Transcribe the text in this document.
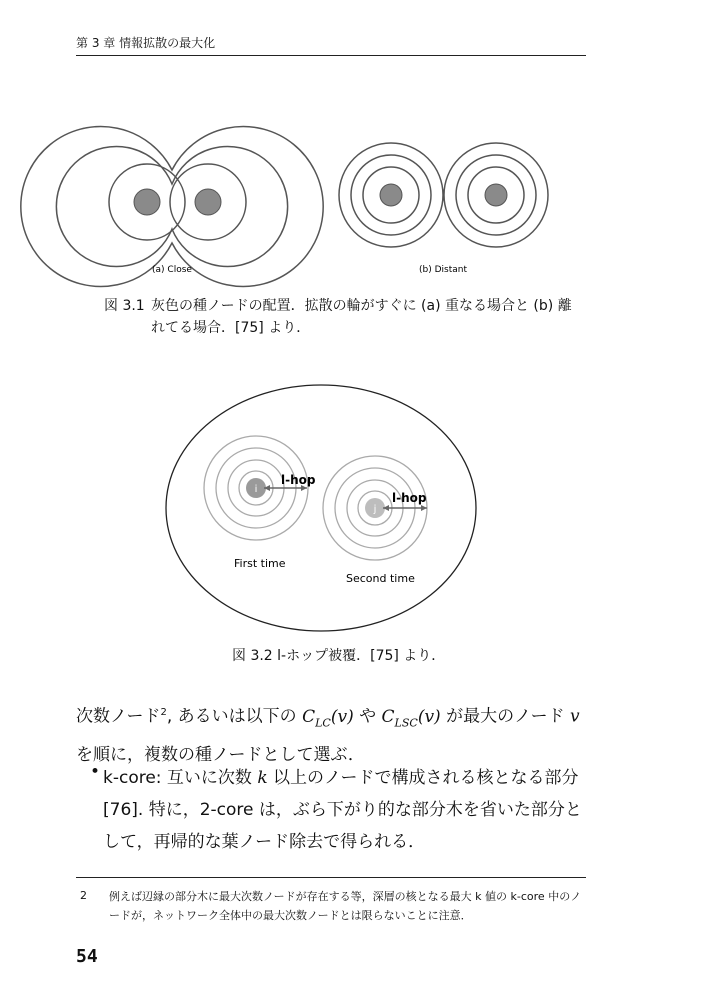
第 3 章 情報拡散の最大化
(a) Close	(b) Distant
i
j
l-hop
l-hop
First time
Second time
図 3.1 灰色の種ノードの配置．拡散の輪がすぐに (a) 重なる場合と (b) 離れてる場合．[75] より．
図 3.2 l-ホップ被覆．[75] より．
次数ノード$^2$, あるいは以下の $C_{LC}(v)$ や $C_{LSC}(v)$ が最大のノード v を順に，複数の種ノードとして選ぶ．
• k-core: 互いに次数 k 以上のノードで構成される核となる部分 [76]. 特に，2-core は，ぶら下がり的な部分木を省いた部分として，再帰的な葉ノード除去で得られる．
2 例えば辺縁の部分木に最大次数ノードが存在する等，深層の核となる最大 k 値の k-core 中のノードが，ネットワーク全体中の最大次数ノードとは限らないことに注意．
54
